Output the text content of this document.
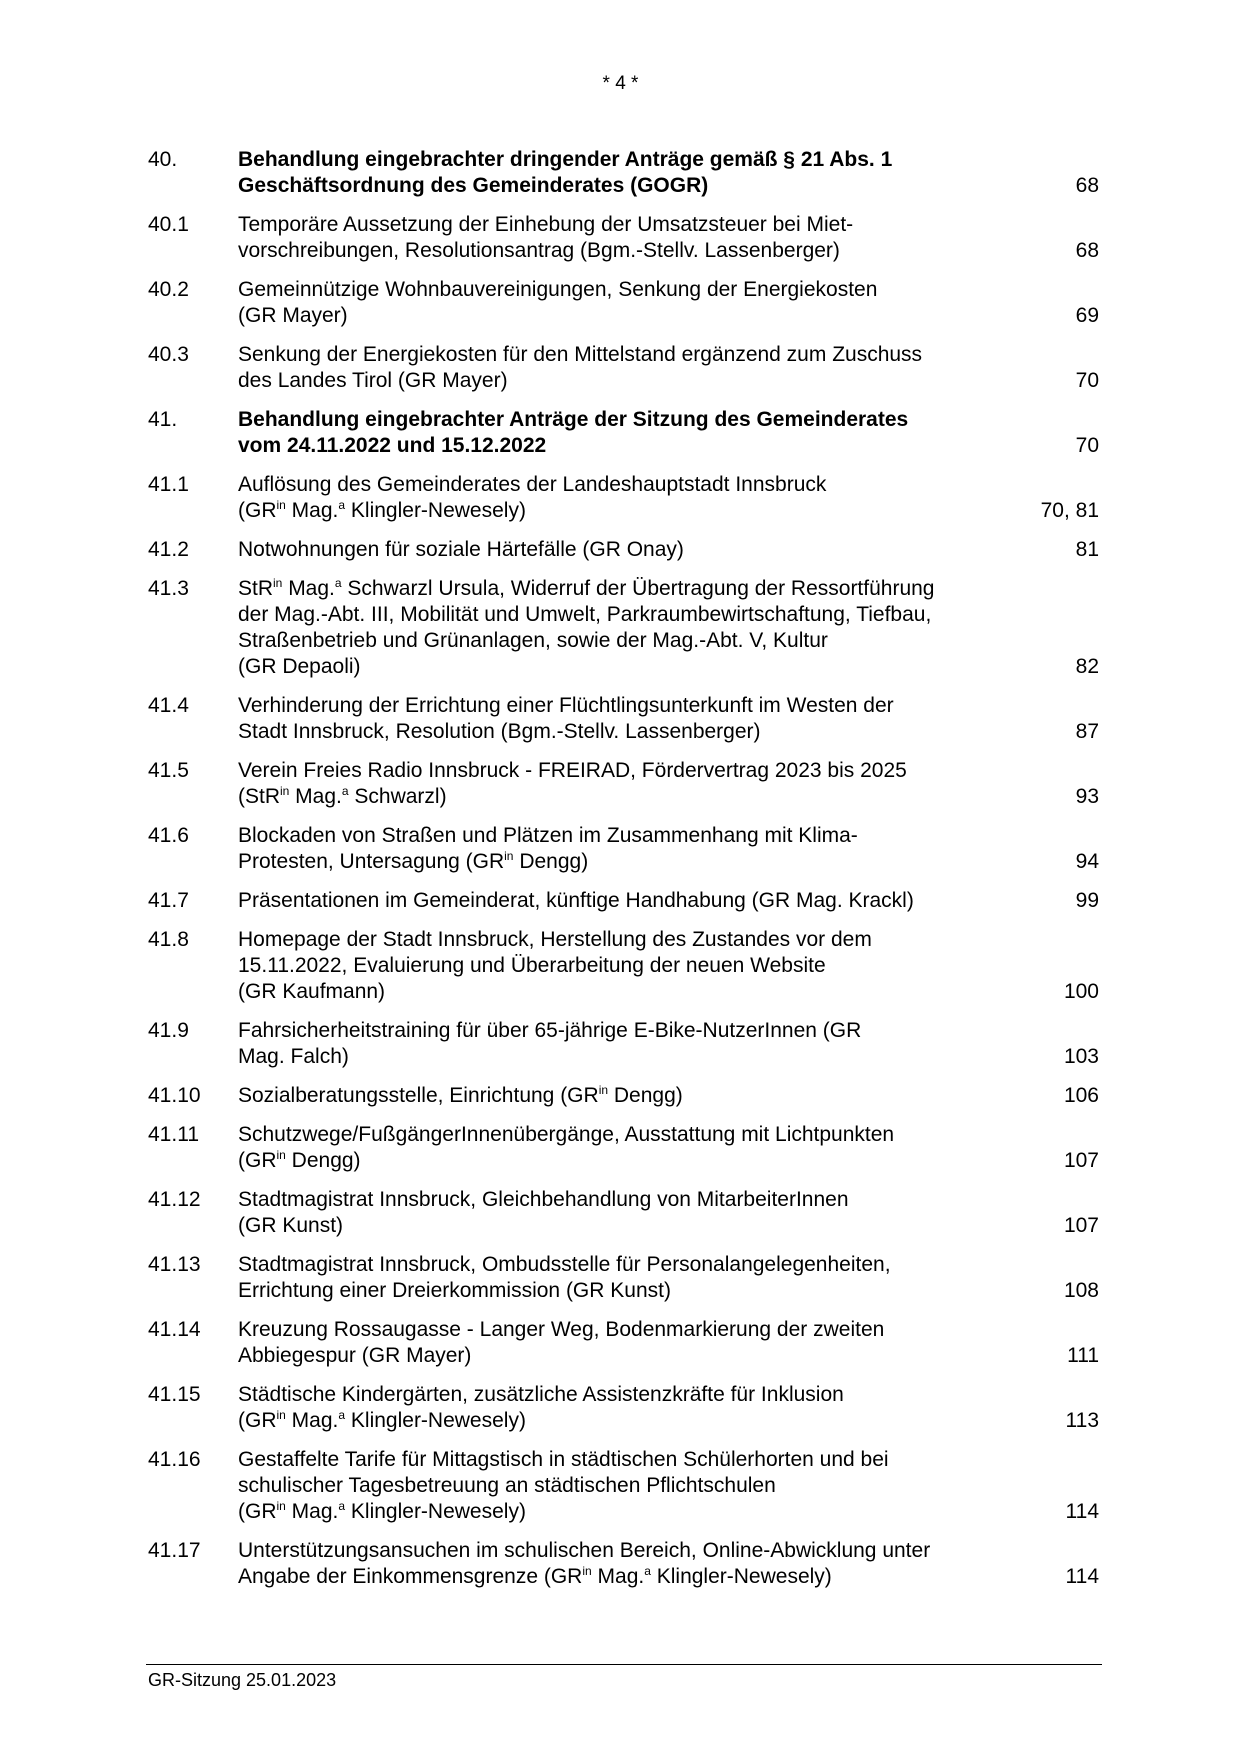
* 4 *
40.	Behandlung eingebrachter dringender Anträge gemäß § 21 Abs. 1
Geschäftsordnung des Gemeinderates (GOGR)	68
40.1 Temporäre Aussetzung der Einhebung der Umsatzsteuer bei Miet-
vorschreibungen, Resolutionsantrag (Bgm.-Stellv. Lassenberger)	68
40.2 Gemeinnützige Wohnbauvereinigungen, Senkung der Energiekosten
(GR Mayer)	69
40.3 Senkung der Energiekosten für den Mittelstand ergänzend zum Zuschuss
des Landes Tirol (GR Mayer)	70
41.	Behandlung eingebrachter Anträge der Sitzung des Gemeinderates
vom 24.11.2022 und 15.12.2022	70
41.1 Auflösung des Gemeinderates der Landeshauptstadt Innsbruck
($GR^{in}$ Mag.$^a$ Klingler-Newesely)	70, 81
41.2 Notwohnungen für soziale Härtefälle (GR Onay)	81
41.3 StR$^{in}$ Mag.$^a$ Schwarzl Ursula, Widerruf der Übertragung der Ressortführung
der Mag.-Abt. III, Mobilität und Umwelt, Parkraumbewirtschaftung, Tiefbau,
Straßenbetrieb und Grünanlagen, sowie der Mag.-Abt. V, Kultur
(GR Depaoli)	82
41.4 Verhinderung der Errichtung einer Flüchtlingsunterkunft im Westen der
Stadt Innsbruck, Resolution (Bgm.-Stellv. Lassenberger)	87
41.5 Verein Freies Radio Innsbruck - FREIRAD, Fördervertrag 2023 bis 2025
(StR$^{in}$ Mag.$^a$ Schwarzl)	93
41.6 Blockaden von Straßen und Plätzen im Zusammenhang mit Klima-
Protesten, Untersagung ($GR^{in}$ Dengg)	94
41.7 Präsentationen im Gemeinderat, künftige Handhabung (GR Mag. Krackl)	99
41.8 Homepage der Stadt Innsbruck, Herstellung des Zustandes vor dem
15.11.2022, Evaluierung und Überarbeitung der neuen Website
(GR Kaufmann)	100
41.9 Fahrsicherheitstraining für über 65-jährige E-Bike-NutzerInnen (GR
Mag. Falch)	103
41.10 Sozialberatungsstelle, Einrichtung ($GR^{in}$ Dengg)	106
41.11 Schutzwege/FußgängerInnenübergänge, Ausstattung mit Lichtpunkten
($GR^{in}$ Dengg)	107
41.12 Stadtmagistrat Innsbruck, Gleichbehandlung von MitarbeiterInnen
(GR Kunst)	107
41.13 Stadtmagistrat Innsbruck, Ombudsstelle für Personalangelegenheiten,
Errichtung einer Dreierkommission (GR Kunst)	108
41.14 Kreuzung Rossaugasse - Langer Weg, Bodenmarkierung der zweiten
Abbiegespur (GR Mayer)	111
41.15 Städtische Kindergärten, zusätzliche Assistenzkräfte für Inklusion
($GR^{in}$ Mag.$^a$ Klingler-Newesely)	113
41.16 Gestaffelte Tarife für Mittagstisch in städtischen Schülerhorten und bei
schulischer Tagesbetreuung an städtischen Pflichtschulen
($GR^{in}$ Mag.$^a$ Klingler-Newesely)	114
41.17 Unterstützungsansuchen im schulischen Bereich, Online-Abwicklung unter
Angabe der Einkommensgrenze ($GR^{in}$ Mag.$^a$ Klingler-Newesely)	114
GR-Sitzung 25.01.2023
